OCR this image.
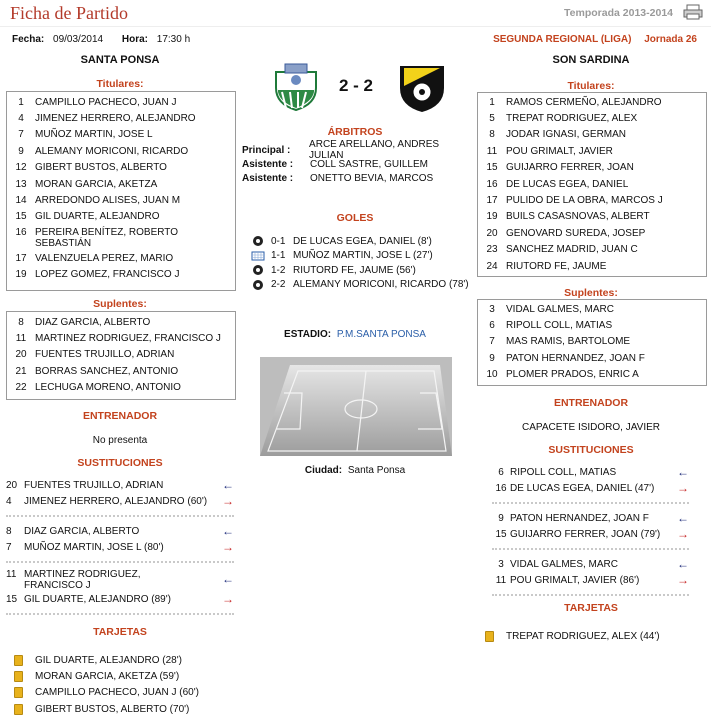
Ficha de Partido	Temporada 2013-2014
Fecha: 09/03/2014 Hora: 17:30 h	SEGUNDA REGIONAL (LIGA) Jornada 26
SANTA PONSA	SON SARDINA
2 - 2
Titulares:
1	CAMPILLO PACHECO, JUAN J
4	JIMENEZ HERRERO, ALEJANDRO
7	MUÑOZ MARTIN, JOSE L
9	ALEMANY MORICONI, RICARDO
12 GIBERT BUSTOS, ALBERTO
13 MORAN GARCIA, AKETZA
14 ARREDONDO ALISES, JUAN M
15 GIL DUARTE, ALEJANDRO
16 PEREIRA BENÍTEZ, ROBERTO SEBASTIÁN
17 VALENZUELA PEREZ, MARIO
19 LOPEZ GOMEZ, FRANCISCO J
Suplentes:
8	DIAZ GARCIA, ALBERTO
11 MARTINEZ RODRIGUEZ, FRANCISCO J
20 FUENTES TRUJILLO, ADRIAN
21 BORRAS SANCHEZ, ANTONIO
22 LECHUGA MORENO, ANTONIO
ENTRENADOR
No presenta
SUSTITUCIONES
20 FUENTES TRUJILLO, ADRIAN	←
4	JIMENEZ HERRERO, ALEJANDRO (60')	→
8	DIAZ GARCIA, ALBERTO	←
7	MUÑOZ MARTIN, JOSE L (80')	→
11 MARTINEZ RODRIGUEZ, FRANCISCO J	←
15 GIL DUARTE, ALEJANDRO (89')	→
TARJETAS
GIL DUARTE, ALEJANDRO (28')
MORAN GARCIA, AKETZA (59')
CAMPILLO PACHECO, JUAN J (60')
GIBERT BUSTOS, ALBERTO (70')
ÁRBITROS
Principal :	ARCE ARELLANO, ANDRES JULIAN
Asistente :	COLL SASTRE, GUILLEM
Asistente :	ONETTO BEVIA, MARCOS
GOLES
0-1 DE LUCAS EGEA, DANIEL (8')
1-1 MUÑOZ MARTIN, JOSE L (27')
1-2 RIUTORD FE, JAUME (56')
2-2 ALEMANY MORICONI, RICARDO (78')
ESTADIO: P.M.SANTA PONSA
Ciudad: Santa Ponsa
Titulares:
1	RAMOS CERMEÑO, ALEJANDRO
5	TREPAT RODRIGUEZ, ALEX
8	JODAR IGNASI, GERMAN
11 POU GRIMALT, JAVIER
15 GUIJARRO FERRER, JOAN
16 DE LUCAS EGEA, DANIEL
17 PULIDO DE LA OBRA, MARCOS J
19 BUILS CASASNOVAS, ALBERT
20 GENOVARD SUREDA, JOSEP
23 SANCHEZ MADRID, JUAN C
24 RIUTORD FE, JAUME
Suplentes:
3	VIDAL GALMES, MARC
6	RIPOLL COLL, MATIAS
7	MAS RAMIS, BARTOLOME
9	PATON HERNANDEZ, JOAN F
10 PLOMER PRADOS, ENRIC A
ENTRENADOR
CAPACETE ISIDORO, JAVIER
SUSTITUCIONES
6 RIPOLL COLL, MATIAS	←
16 DE LUCAS EGEA, DANIEL (47')	→
9 PATON HERNANDEZ, JOAN F	←
15 GUIJARRO FERRER, JOAN (79')	→
3 VIDAL GALMES, MARC	←
11 POU GRIMALT, JAVIER (86')	→
TARJETAS
TREPAT RODRIGUEZ, ALEX (44')
